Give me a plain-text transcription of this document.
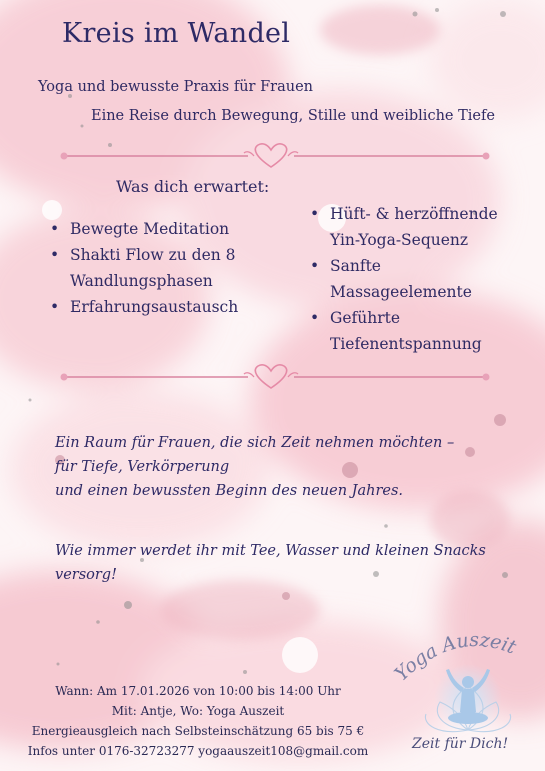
Kreis im Wandel
Yoga und bewusste Praxis für Frauen
Eine Reise durch Bewegung, Stille und weibliche Tiefe
Was dich erwartet:
• Bewegte Meditation
• Shakti Flow zu den 8
Wandlungsphasen
• Erfahrungsaustausch
• Hüft- & herzöffnende
Yin-Yoga-Sequenz
• Sanfte
Massageelemente
• Geführte
Tiefenentspannung
Ein Raum für Frauen, die sich Zeit nehmen möchten –
für Tiefe, Verkörperung
und einen bewussten Beginn des neuen Jahres.
Wie immer werdet ihr mit Tee, Wasser und kleinen Snacks
versorg!
Wann: Am 17.01.2026 von 10:00 bis 14:00 Uhr
Mit: Antje, Wo: Yoga Auszeit
Energieausgleich nach Selbsteinschätzung 65 bis 75 €
Infos unter 0176-32723277 yogaauszeit108@gmail.com
Yoga Auszeit
Zeit für Dich!
